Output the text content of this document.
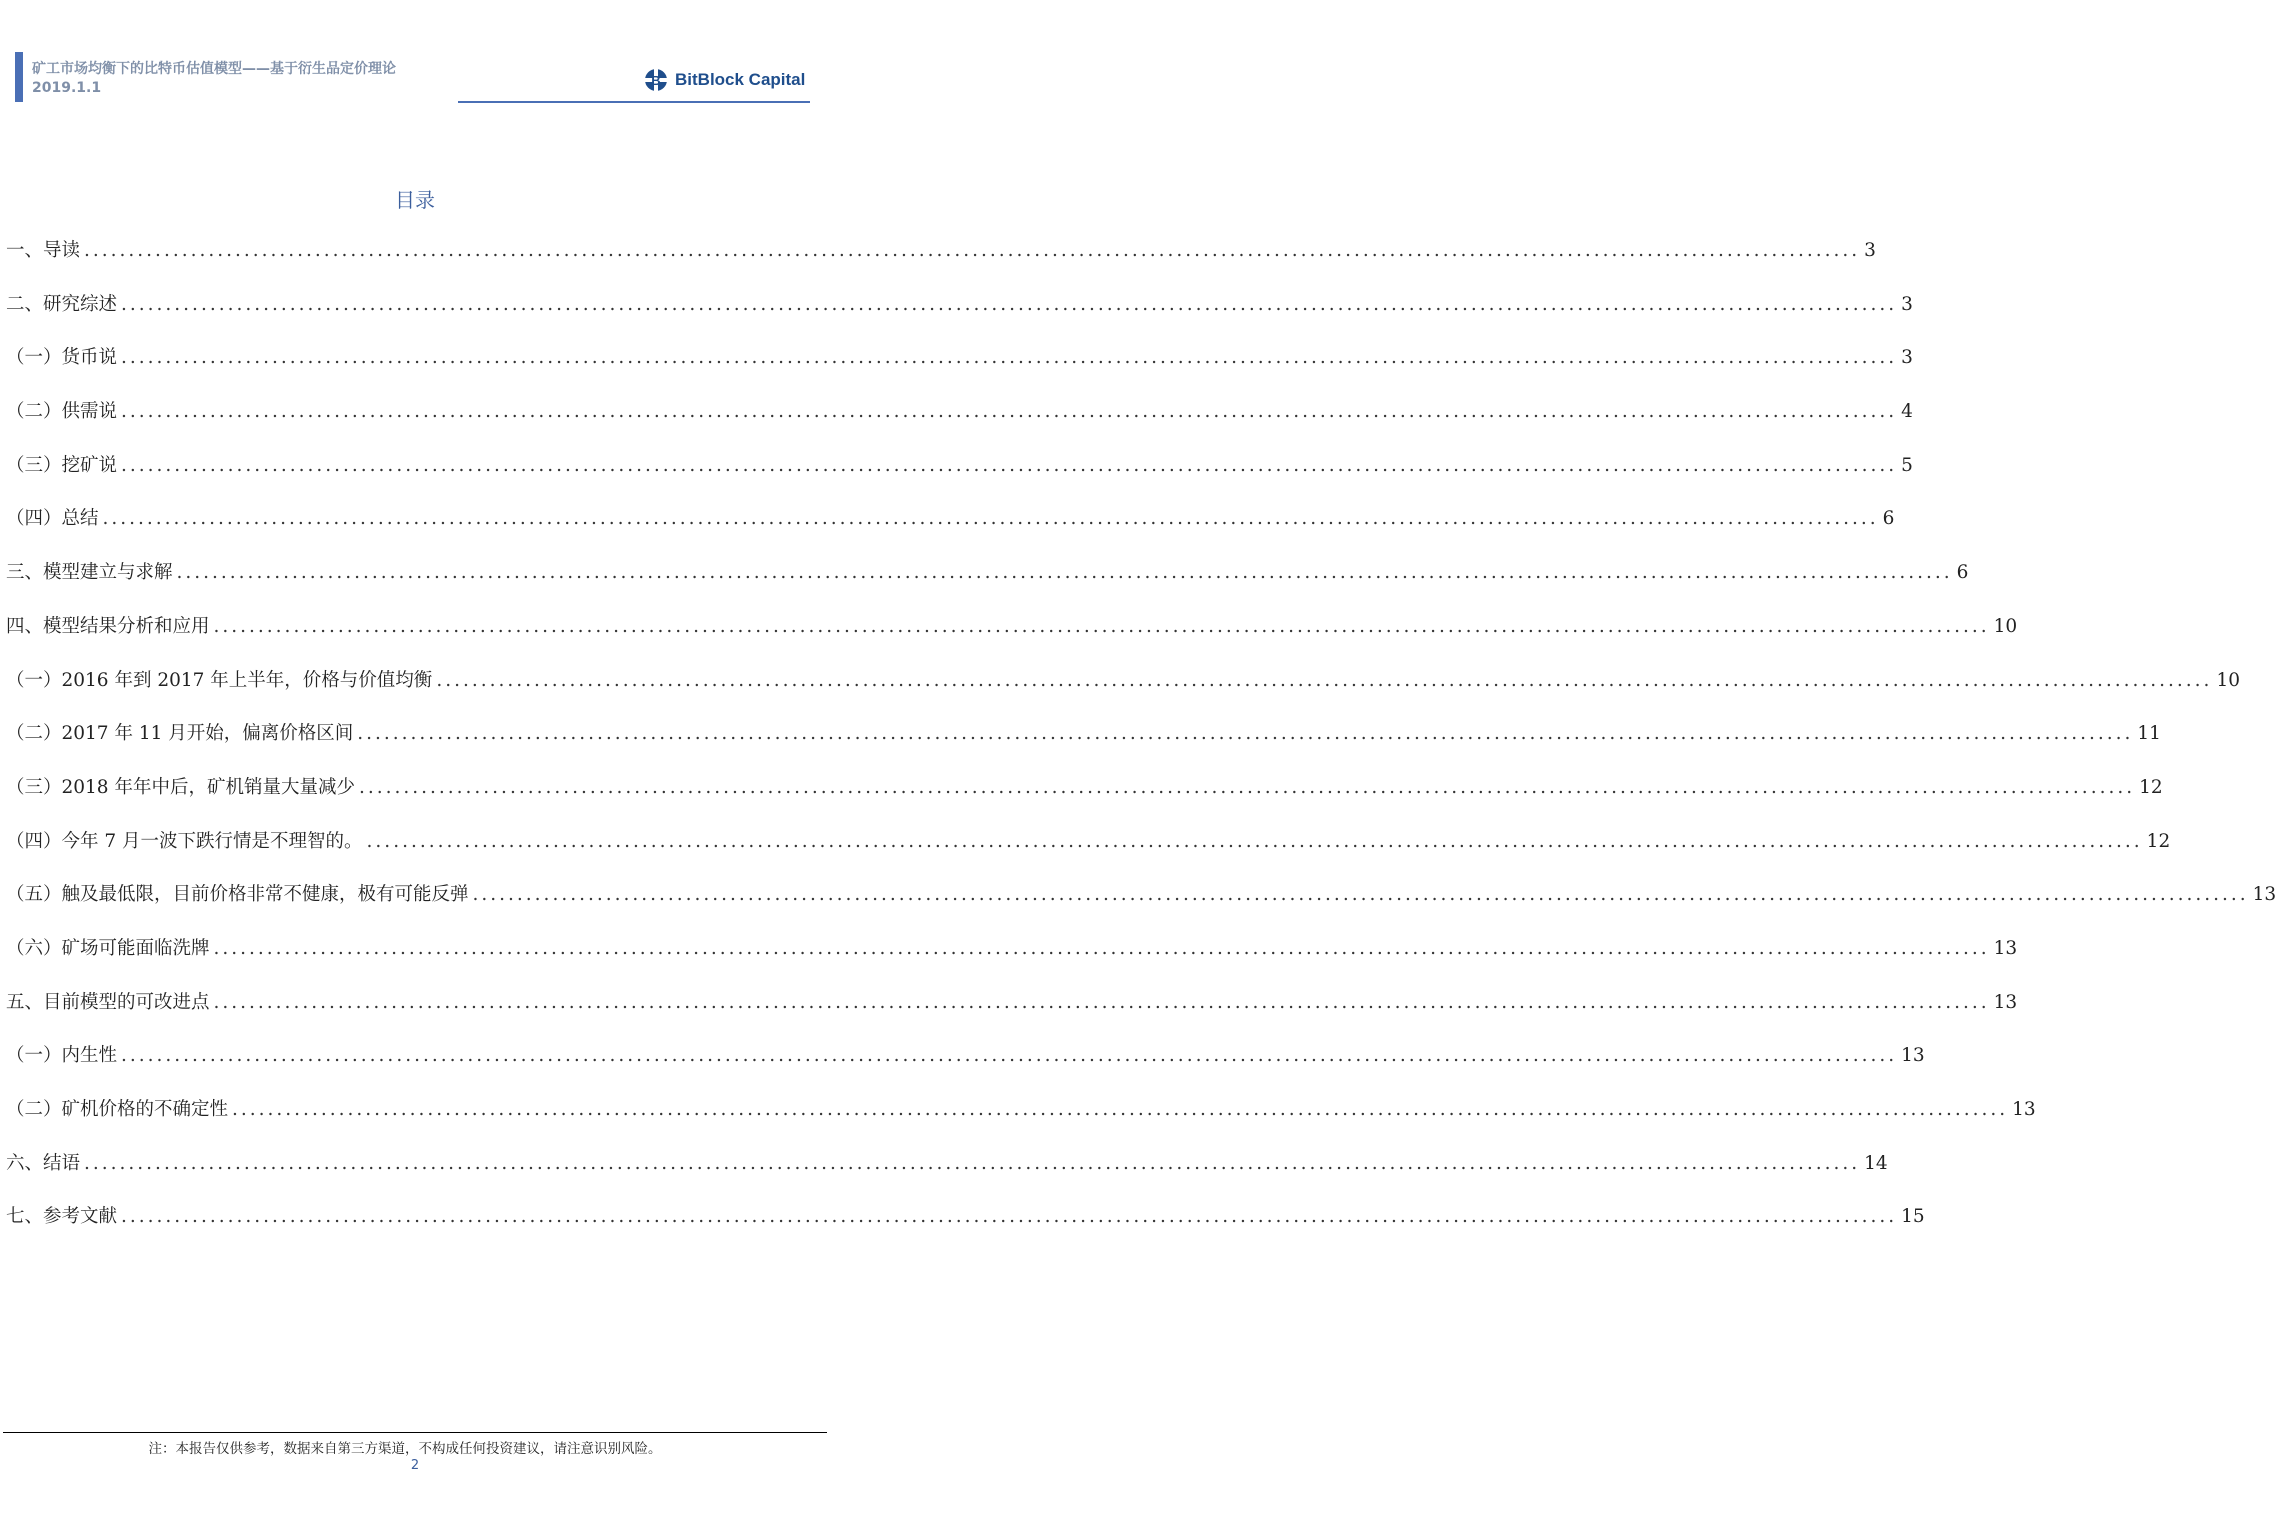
矿工市场均衡下的比特币估值模型——基于衍生品定价理论
2019.1.1	B BitBlock Capital
目录
一、导读 ........................................................................................................................................................................................................ 3
二、研究综述 ........................................................................................................................................................................................................ 3
（一）货币说 ........................................................................................................................................................................................................ 3
（二）供需说 ........................................................................................................................................................................................................ 4
（三）挖矿说 ........................................................................................................................................................................................................ 5
（四）总结 ........................................................................................................................................................................................................ 6
三、模型建立与求解 ........................................................................................................................................................................................................ 6
四、模型结果分析和应用 ........................................................................................................................................................................................................ 10
（一）2016 年到 2017 年上半年，价格与价值均衡 ........................................................................................................................................................................................................ 10
（二）2017 年 11 月开始，偏离价格区间 ........................................................................................................................................................................................................ 11
（三）2018 年年中后，矿机销量大量减少 ........................................................................................................................................................................................................ 12
（四）今年 7 月一波下跌行情是不理智的。 ........................................................................................................................................................................................................ 12
（五）触及最低限，目前价格非常不健康，极有可能反弹 ........................................................................................................................................................................................................ 13
（六）矿场可能面临洗牌 ........................................................................................................................................................................................................ 13
五、目前模型的可改进点 ........................................................................................................................................................................................................ 13
（一）内生性 ........................................................................................................................................................................................................ 13
（二）矿机价格的不确定性 ........................................................................................................................................................................................................ 13
六、结语 ........................................................................................................................................................................................................ 14
七、参考文献 ........................................................................................................................................................................................................ 15
注：本报告仅供参考，数据来自第三方渠道，不构成任何投资建议，请注意识别风险。
2
